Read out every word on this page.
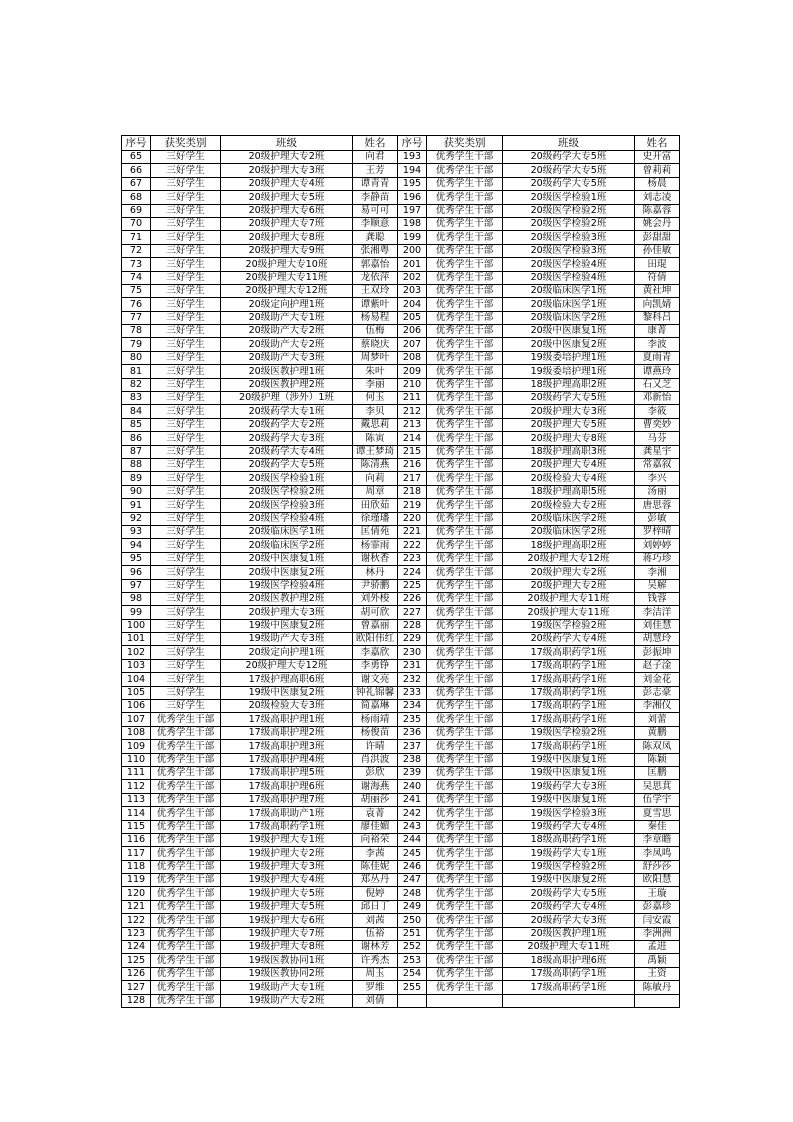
序号	获奖类别	班级	姓名	序号	获奖类别	班级	姓名
65	三好学生	20级护理大专2班	向君	193	优秀学生干部	20级药学大专5班	史开富
66	三好学生	20级护理大专3班	王芳	194	优秀学生干部	20级药学大专5班	曾莉莉
67	三好学生	20级护理大专4班	谭青青	195	优秀学生干部	20级药学大专5班	杨晨
68	三好学生	20级护理大专5班	李静苗	196	优秀学生干部	20级医学检验1班	刘志凌
69	三好学生	20级护理大专6班	易可可	197	优秀学生干部	20级医学检验2班	陈嘉蓉
70	三好学生	20级护理大专7班	李顺意	198	优秀学生干部	20级医学检验2班	姚会丹
71	三好学生	20级护理大专8班	龚聪	199	优秀学生干部	20级医学检验3班	彭甜甜
72	三好学生	20级护理大专9班	张湘粤	200	优秀学生干部	20级医学检验3班	孙佳敏
73	三好学生	20级护理大专10班	郭嘉怡	201	优秀学生干部	20级医学检验4班	田琨
74	三好学生	20级护理大专11班	龙依萍	202	优秀学生干部	20级医学检验4班	符倩
75	三好学生	20级护理大专12班	王双玲	203	优秀学生干部	20级临床医学1班	黄社坤
76	三好学生	20级定向护理1班	谭紫叶	204	优秀学生干部	20级临床医学1班	向凯婧
77	三好学生	20级助产大专1班	杨易程	205	优秀学生干部	20级临床医学2班	黎科吕
78	三好学生	20级助产大专2班	伍梅	206	优秀学生干部	20级中医康复1班	康菁
79	三好学生	20级助产大专2班	蔡晓庆	207	优秀学生干部	20级中医康复2班	李波
80	三好学生	20级助产大专3班	周梦叶	208	优秀学生干部	19级委培护理1班	夏雨青
81	三好学生	20级医教护理1班	朱叶	209	优秀学生干部	19级委培护理1班	谭燕玲
82	三好学生	20级医教护理2班	李丽	210	优秀学生干部	18级护理高职2班	石又芝
83	三好学生	20级护理（涉外）1班	何玉	211	优秀学生干部	20级药学大专5班	邓新怡
84	三好学生	20级药学大专1班	李贝	212	优秀学生干部	20级护理大专3班	李筱
85	三好学生	20级药学大专2班	戴思莉	213	优秀学生干部	20级护理大专5班	曹奕妙
86	三好学生	20级药学大专3班	陈寅	214	优秀学生干部	20级护理大专8班	马芬
87	三好学生	20级药学大专4班	谭王梦琦	215	优秀学生干部	18级护理高职3班	龚星宇
88	三好学生	20级药学大专5班	陈清燕	216	优秀学生干部	20级护理大专4班	常嘉叙
89	三好学生	20级医学检验1班	向莉	217	优秀学生干部	20级检验大专4班	李兴
90	三好学生	20级医学检验2班	周章	218	优秀学生干部	18级护理高职5班	汤丽
91	三好学生	20级医学检验3班	田欣茹	219	优秀学生干部	20级检验大专2班	唐思蓉
92	三好学生	20级医学检验4班	徐瑾璠	220	优秀学生干部	20级临床医学2班	彭敏
93	三好学生	20级临床医学1班	匡倩苑	221	优秀学生干部	20级临床医学2班	罗梓晴
94	三好学生	20级临床医学2班	杨霏雨	222	优秀学生干部	18级护理高职2班	刘婷婷
95	三好学生	20级中医康复1班	谢秋香	223	优秀学生干部	20级护理大专12班	蒋巧珍
96	三好学生	20级中医康复2班	林丹	224	优秀学生干部	20级护理大专2班	李湘
97	三好学生	19级医学检验4班	尹骄鹏	225	优秀学生干部	20级护理大专2班	吴解
98	三好学生	20级医教护理2班	刘外梭	226	优秀学生干部	20级护理大专11班	钱蓉
99	三好学生	20级护理大专3班	胡可欣	227	优秀学生干部	20级护理大专11班	李洁洋
100	三好学生	19级中医康复2班	曾嘉丽	228	优秀学生干部	19级医学检验2班	刘佳慧
101	三好学生	19级助产大专3班	欧阳伟红	229	优秀学生干部	20级药学大专4班	胡慧玲
102	三好学生	20级定向护理1班	李嘉欣	230	优秀学生干部	17级高职药学1班	彭振坤
103	三好学生	20级护理大专12班	李勇铮	231	优秀学生干部	17级高职药学1班	赵子淦
104	三好学生	17级护理高职6班	谢文亮	232	优秀学生干部	17级高职药学1班	刘金花
105	三好学生	19级中医康复2班	钟礼锦馨	233	优秀学生干部	17级高职药学1班	彭志豪
106	三好学生	20级检验大专3班	简嘉琳	234	优秀学生干部	17级高职药学1班	李湘仪
107	优秀学生干部	17级高职护理1班	杨雨靖	235	优秀学生干部	17级高职药学1班	刘蕾
108	优秀学生干部	17级高职护理2班	杨俊苗	236	优秀学生干部	19级医学检验2班	黄鹏
109	优秀学生干部	17级高职护理3班	许晴	237	优秀学生干部	17级高职药学1班	陈双凤
110	优秀学生干部	17级高职护理4班	肖洪波	238	优秀学生干部	19级中医康复1班	陈颖
111	优秀学生干部	17级高职护理5班	彭欣	239	优秀学生干部	19级中医康复1班	匡鹏
112	优秀学生干部	17级高职护理6班	谢海燕	240	优秀学生干部	19级药学大专3班	吴思萁
113	优秀学生干部	17级高职护理7班	胡丽莎	241	优秀学生干部	19级中医康复1班	伍学宇
114	优秀学生干部	17级高职助产1班	袁菁	242	优秀学生干部	19级医学检验3班	夏雪思
115	优秀学生干部	17级高职药学1班	廖佳媚	243	优秀学生干部	19级药学大专4班	秦佳
116	优秀学生干部	19级护理大专1班	向裕荣	244	优秀学生干部	18级高职药学1班	李章瞻
117	优秀学生干部	19级护理大专2班	李茜	245	优秀学生干部	19级药学大专1班	李凤鸣
118	优秀学生干部	19级护理大专3班	陈佳妮	246	优秀学生干部	19级医学检验2班	舒莎莎
119	优秀学生干部	19级护理大专4班	郑丛丹	247	优秀学生干部	19级中医康复2班	欧阳慧
120	优秀学生干部	19级护理大专5班	倪婷	248	优秀学生干部	20级药学大专5班	王璇
121	优秀学生干部	19级护理大专5班	邱日丁	249	优秀学生干部	20级药学大专4班	彭嘉珍
122	优秀学生干部	19级护理大专6班	刘茜	250	优秀学生干部	20级药学大专3班	闫安霞
123	优秀学生干部	19级护理大专7班	伍裕	251	优秀学生干部	20级医教护理1班	李洲洲
124	优秀学生干部	19级护理大专8班	谢林芳	252	优秀学生干部	20级护理大专11班	孟进
125	优秀学生干部	19级医教协同1班	许秀杰	253	优秀学生干部	18级高职护理6班	禹颖
126	优秀学生干部	19级医教协同2班	周玉	254	优秀学生干部	17级高职药学1班	王资
127	优秀学生干部	19级助产大专1班	罗维	255	优秀学生干部	17级高职药学1班	陈敏丹
128	优秀学生干部	19级助产大专2班	刘倩				
